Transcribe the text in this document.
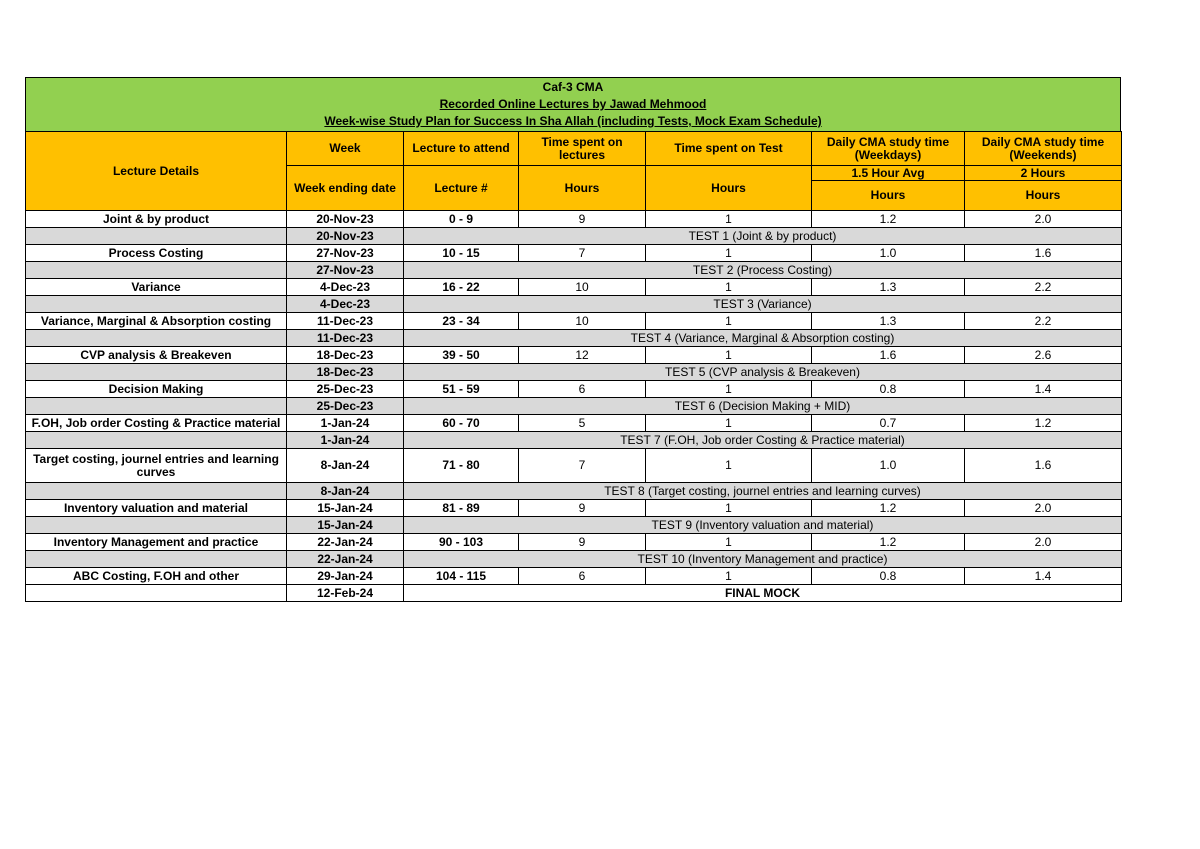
Caf-3 CMA
Recorded Online Lectures by Jawad Mehmood
Week-wise Study Plan for Success In Sha Allah (including Tests, Mock Exam Schedule)
Lecture Details	Week	Lecture to attend	Time spent on lectures	Time spent on Test	Daily CMA study time (Weekdays)	Daily CMA study time (Weekends)
	Week ending date	Lecture #	Hours	Hours	1.5 Hour Avg	2 Hours
					Hours	Hours
Joint & by product	20-Nov-23	0 - 9	9	1	1.2	2.0
	20-Nov-23	TEST 1 (Joint & by product)				
Process Costing	27-Nov-23	10 - 15	7	1	1.0	1.6
	27-Nov-23	TEST 2 (Process Costing)				
Variance	4-Dec-23	16 - 22	10	1	1.3	2.2
	4-Dec-23	TEST 3 (Variance)				
Variance, Marginal & Absorption costing	11-Dec-23	23 - 34	10	1	1.3	2.2
	11-Dec-23	TEST 4 (Variance, Marginal & Absorption costing)				
CVP analysis & Breakeven	18-Dec-23	39 - 50	12	1	1.6	2.6
	18-Dec-23	TEST 5 (CVP analysis & Breakeven)				
Decision Making	25-Dec-23	51 - 59	6	1	0.8	1.4
	25-Dec-23	TEST 6 (Decision Making + MID)				
F.OH, Job order Costing & Practice material	1-Jan-24	60 - 70	5	1	0.7	1.2
	1-Jan-24	TEST 7 (F.OH, Job order Costing & Practice material)				
Target costing, journel entries and learning curves	8-Jan-24	71 - 80	7	1	1.0	1.6
	8-Jan-24	TEST 8 (Target costing, journel entries and learning curves)				
Inventory valuation and material	15-Jan-24	81 - 89	9	1	1.2	2.0
	15-Jan-24	TEST 9 (Inventory valuation and material)				
Inventory Management and practice	22-Jan-24	90 - 103	9	1	1.2	2.0
	22-Jan-24	TEST 10 (Inventory Management and practice)				
ABC Costing, F.OH and other	29-Jan-24	104 - 115	6	1	0.8	1.4
	12-Feb-24	FINAL MOCK				
